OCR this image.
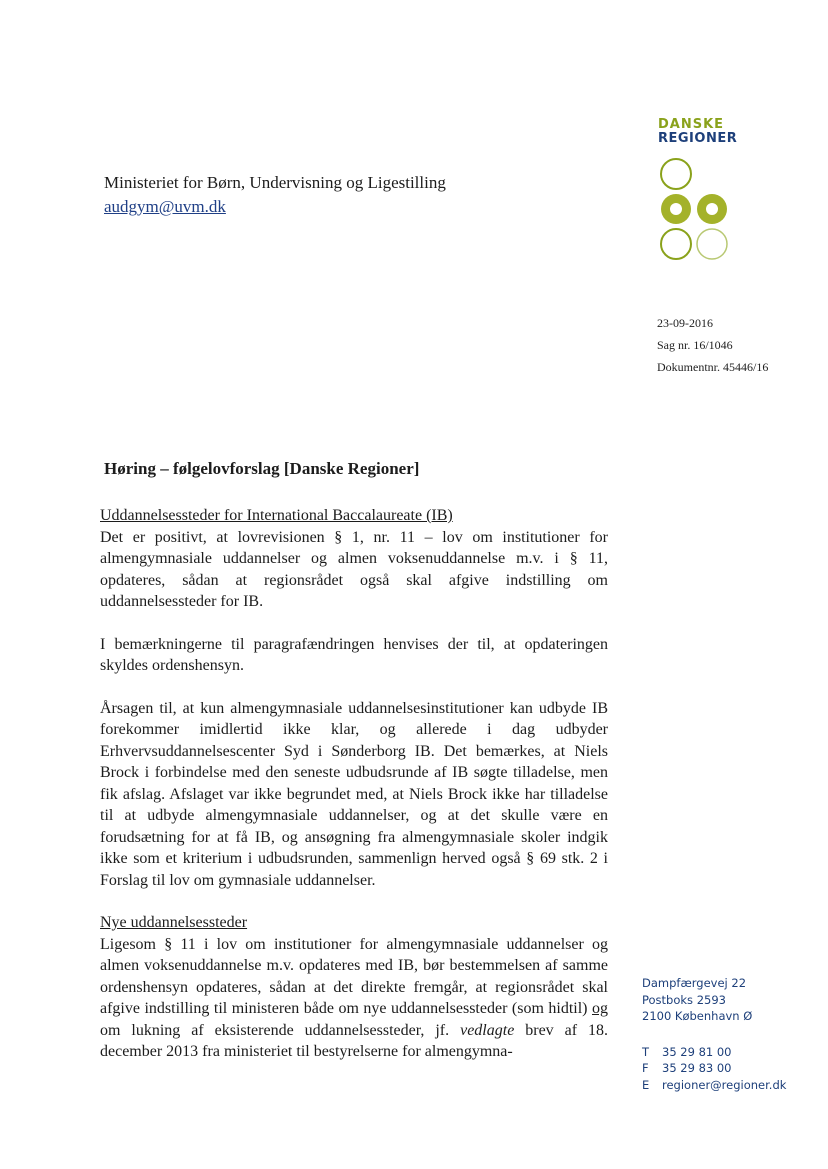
DANSKE
REGIONER
Ministeriet for Børn, Undervisning og Ligestilling
audgym@uvm.dk
23-09-2016
Sag nr. 16/1046
Dokumentnr. 45446/16
Høring – følgelovforslag [Danske Regioner]
Uddannelsessteder for International Baccalaureate (IB)

Det er positivt, at lovrevisionen § 1, nr. 11 – lov om institutioner for almengymnasiale uddannelser og almen voksenuddannelse m.v. i § 11, opdateres, sådan at regionsrådet også skal afgive indstilling om uddannelsessteder for IB.

I bemærkningerne til paragrafændringen henvises der til, at opdateringen skyldes ordenshensyn.

Årsagen til, at kun almengymnasiale uddannelsesinstitutioner kan udbyde IB forekommer imidlertid ikke klar, og allerede i dag udbyder Erhvervsuddannelsescenter Syd i Sønderborg IB. Det bemærkes, at Niels Brock i forbindelse med den seneste udbudsrunde af IB søgte tilladelse, men fik afslag. Afslaget var ikke begrundet med, at Niels Brock ikke har tilladelse til at udbyde almengymnasiale uddannelser, og at det skulle være en forudsætning for at få IB, og ansøgning fra almengymnasiale skoler indgik ikke som et kriterium i udbudsrunden, sammenlign herved også § 69 stk. 2 i Forslag til lov om gymnasiale uddannelser.

Nye uddannelsessteder

Ligesom § 11 i lov om institutioner for almengymnasiale uddannelser og almen voksenuddannelse m.v. opdateres med IB, bør bestemmelsen af samme ordenshensyn opdateres, sådan at det direkte fremgår, at regionsrådet skal afgive indstilling til ministeren både om nye uddannelsessteder (som hidtil) og om lukning af eksisterende uddannelsessteder, jf. vedlagte brev af 18. december 2013 fra ministeriet til bestyrelserne for almengymna-

Dampfærgevej 22
Postboks 2593
2100 København Ø
T 35 29 81 00
F 35 29 83 00
E regioner@regioner.dk
